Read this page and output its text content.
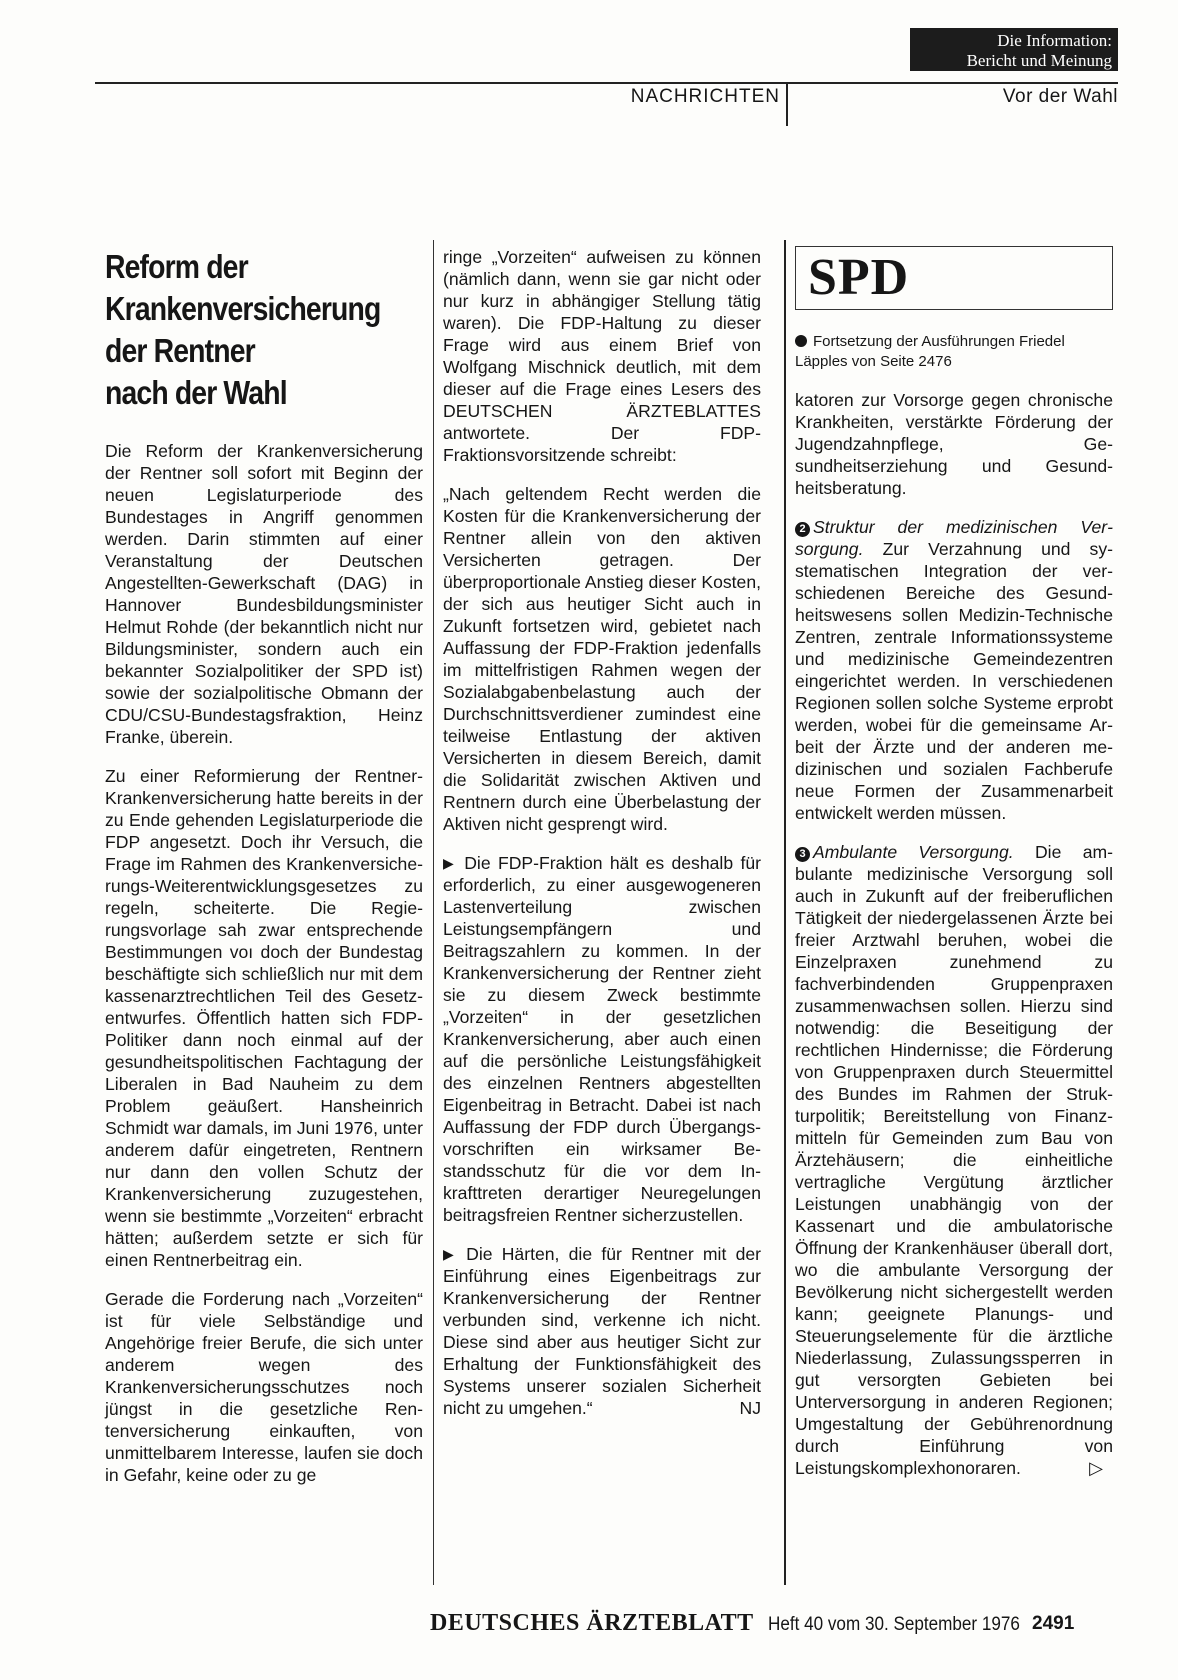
Die Information:
Bericht und Meinung
NACHRICHTEN	Vor der Wahl
Reform der
Krankenversicherung
der Rentner
nach der Wahl

Die Reform der Krankenversicherung der Rentner soll sofort mit Beginn der neuen Legislaturperiode des Bundestages in Angriff genommen werden. Darin stimmten auf einer Veranstaltung der Deutschen Angestellten-Gewerkschaft (DAG) in Hannover Bundesbildungsminister Helmut Rohde (der bekanntlich nicht nur Bildungsminister, sondern auch ein bekannter Sozialpolitiker der SPD ist) sowie der sozialpolitische Obmann der CDU/CSU-Bundestagsfraktion, Heinz Franke, überein.

Zu einer Reformierung der Rentner-Krankenversicherung hatte bereits in der zu Ende gehenden Legislaturperiode die FDP angesetzt. Doch ihr Versuch, die Frage im Rahmen des Krankenversicherungs-Weiterentwicklungsgesetzes zu regeln, scheiterte. Die Regierungsvorlage sah zwar entsprechende Bestimmungen voı doch der Bundestag beschäftigte sich schließlich nur mit dem kassenarztrechtlichen Teil des Gesetzentwurfes. Öffentlich hatten sich FDP-Politiker dann noch einmal auf der gesundheitspolitischen Fachtagung der Liberalen in Bad Nauheim zu dem Problem geäußert. Hansheinrich Schmidt war damals, im Juni 1976, unter anderem dafür eingetreten, Rentnern nur dann den vollen Schutz der Krankenversicherung zuzugestehen, wenn sie bestimmte „Vorzeiten“ erbracht hätten; außerdem setzte er sich für einen Rentnerbeitrag ein.

Gerade die Forderung nach „Vorzeiten“ ist für viele Selbständige und Angehörige freier Berufe, die sich unter anderem wegen des Krankenversicherungsschutzes noch jüngst in die gesetzliche Rentenversicherung einkauften, von unmittelbarem Interesse, laufen sie doch in Gefahr, keine oder zu ge

ringe „Vorzeiten“ aufweisen zu können (nämlich dann, wenn sie gar nicht oder nur kurz in abhängiger Stellung tätig waren). Die FDP-Haltung zu dieser Frage wird aus einem Brief von Wolfgang Mischnick deutlich, mit dem dieser auf die Frage eines Lesers des DEUTSCHEN ÄRZTEBLATTES antwortete. Der FDP-Fraktionsvorsitzende schreibt:

„Nach geltendem Recht werden die Kosten für die Krankenversicherung der Rentner allein von den aktiven Versicherten getragen. Der überproportionale Anstieg dieser Kosten, der sich aus heutiger Sicht auch in Zukunft fortsetzen wird, gebietet nach Auffassung der FDP-Fraktion jedenfalls im mittelfristigen Rahmen wegen der Sozialabgabenbelastung auch der Durchschnittsverdiener zumindest eine teilweise Entlastung der aktiven Versicherten in diesem Bereich, damit die Solidarität zwischen Aktiven und Rentnern durch eine Überbelastung der Aktiven nicht gesprengt wird.

▶ Die FDP-Fraktion hält es deshalb für erforderlich, zu einer ausgewogeneren Lastenverteilung zwischen Leistungsempfängern und Beitragszahlern zu kommen. In der Krankenversicherung der Rentner zieht sie zu diesem Zweck bestimmte „Vorzeiten“ in der gesetzlichen Krankenversicherung, aber auch einen auf die persönliche Leistungsfähigkeit des einzelnen Rentners abgestellten Eigenbeitrag in Betracht. Dabei ist nach Auffassung der FDP durch Übergangsvorschriften ein wirksamer Bestandsschutz für die vor dem Inkrafttreten derartiger Neuregelungen beitragsfreien Rentner sicherzustellen.

▶ Die Härten, die für Rentner mit der Einführung eines Eigenbeitrags zur Krankenversicherung der Rentner verbunden sind, verkenne ich nicht. Diese sind aber aus heutiger Sicht zur Erhaltung der Funktionsfähigkeit des Systems unserer sozialen Sicherheit nicht zu umgehen.“	NJ

SPD

Fortsetzung der Ausführungen Friedel Läpples von Seite 2476

katoren zur Vorsorge gegen chronische Krankheiten, verstärkte Förderung der Jugendzahnpflege, Gesundheitserziehung und Gesundheitsberatung.

2 Struktur der medizinischen Versorgung. Zur Verzahnung und systematischen Integration der verschiedenen Bereiche des Gesundheitswesens sollen Medizin-Technische Zentren, zentrale Informationssysteme und medizinische Gemeindezentren eingerichtet werden. In verschiedenen Regionen sollen solche Systeme erprobt werden, wobei für die gemeinsame Arbeit der Ärzte und der anderen medizinischen und sozialen Fachberufe neue Formen der Zusammenarbeit entwickelt werden müssen.

3 Ambulante Versorgung. Die ambulante medizinische Versorgung soll auch in Zukunft auf der freiberuflichen Tätigkeit der niedergelassenen Ärzte bei freier Arztwahl beruhen, wobei die Einzelpraxen zunehmend zu fachverbindenden Gruppenpraxen zusammenwachsen sollen. Hierzu sind notwendig: die Beseitigung der rechtlichen Hindernisse; die Förderung von Gruppenpraxen durch Steuermittel des Bundes im Rahmen der Strukturpolitik; Bereitstellung von Finanzmitteln für Gemeinden zum Bau von Ärztehäusern; die einheitliche vertragliche Vergütung ärztlicher Leistungen unabhängig von der Kassenart und die ambulatorische Öffnung der Krankenhäuser überall dort, wo die ambulante Versorgung der Bevölkerung nicht sichergestellt werden kann; geeignete Planungs- und Steuerungselemente für die ärztliche Niederlassung, Zulassungssperren in gut versorgten Gebieten bei Unterversorgung in anderen Regionen; Umgestaltung der Gebührenordnung durch Einführung von Leistungskomplexhonoraren.	▷

DEUTSCHES ÄRZTEBLATT Heft 40 vom 30. September 1976 2491
